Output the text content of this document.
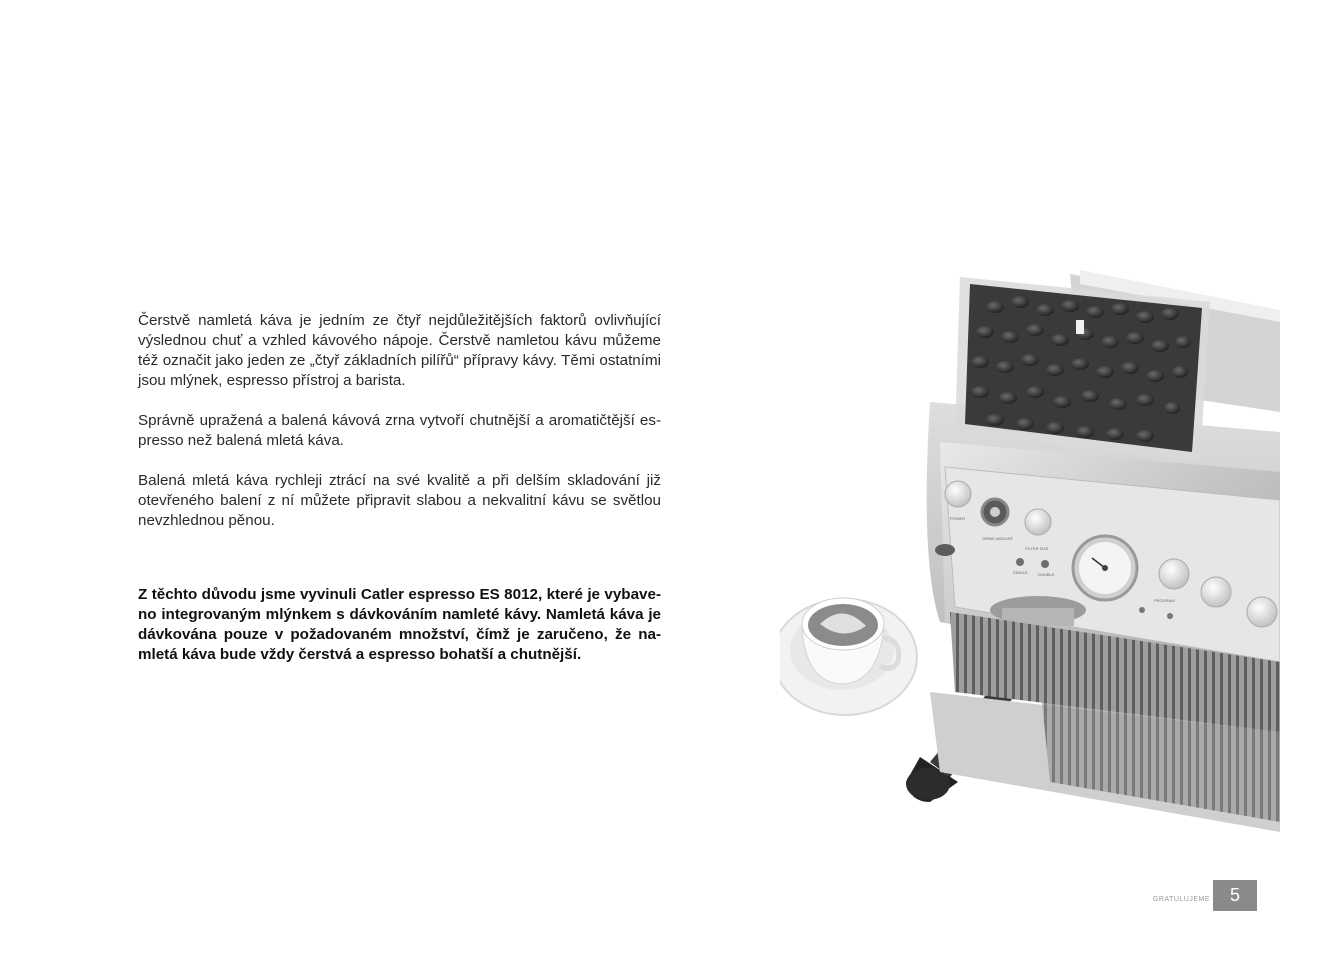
Čerstvě namletá káva je jedním ze čtyř nejdůležitějších faktorů ovlivňující výslednou chuť a vzhled kávového nápoje. Čerstvě namletou kávu můžeme též označit jako jeden ze „čtyř základních pilířů“ přípravy kávy. Těmi ostatními jsou mlýnek, espresso přístroj a barista.

Správně upražená a balená kávová zrna vytvoří chutnější a aromatičtější espresso než balená mletá káva.

Balená mletá káva rychleji ztrácí na své kvalitě a při delším skladování již otevřeného balení z ní můžete připravit slabou a nekvalitní kávu se světlou nevzhlednou pěnou.

Z těchto důvodu jsme vyvinuli Catler espresso ES 8012, které je vybaveno integrovaným mlýnkem s dávkováním namleté kávy. Namletá káva je dávkována pouze v požadovaném množství, čímž je zaručeno, že namletá káva bude vždy čerstvá a espresso bohatší a chutnější.

POWER
GRIND AMOUNT
FILTER SIZE
SINGLE	DOUBLE
PROGRAM
GRATULUJEME	5
